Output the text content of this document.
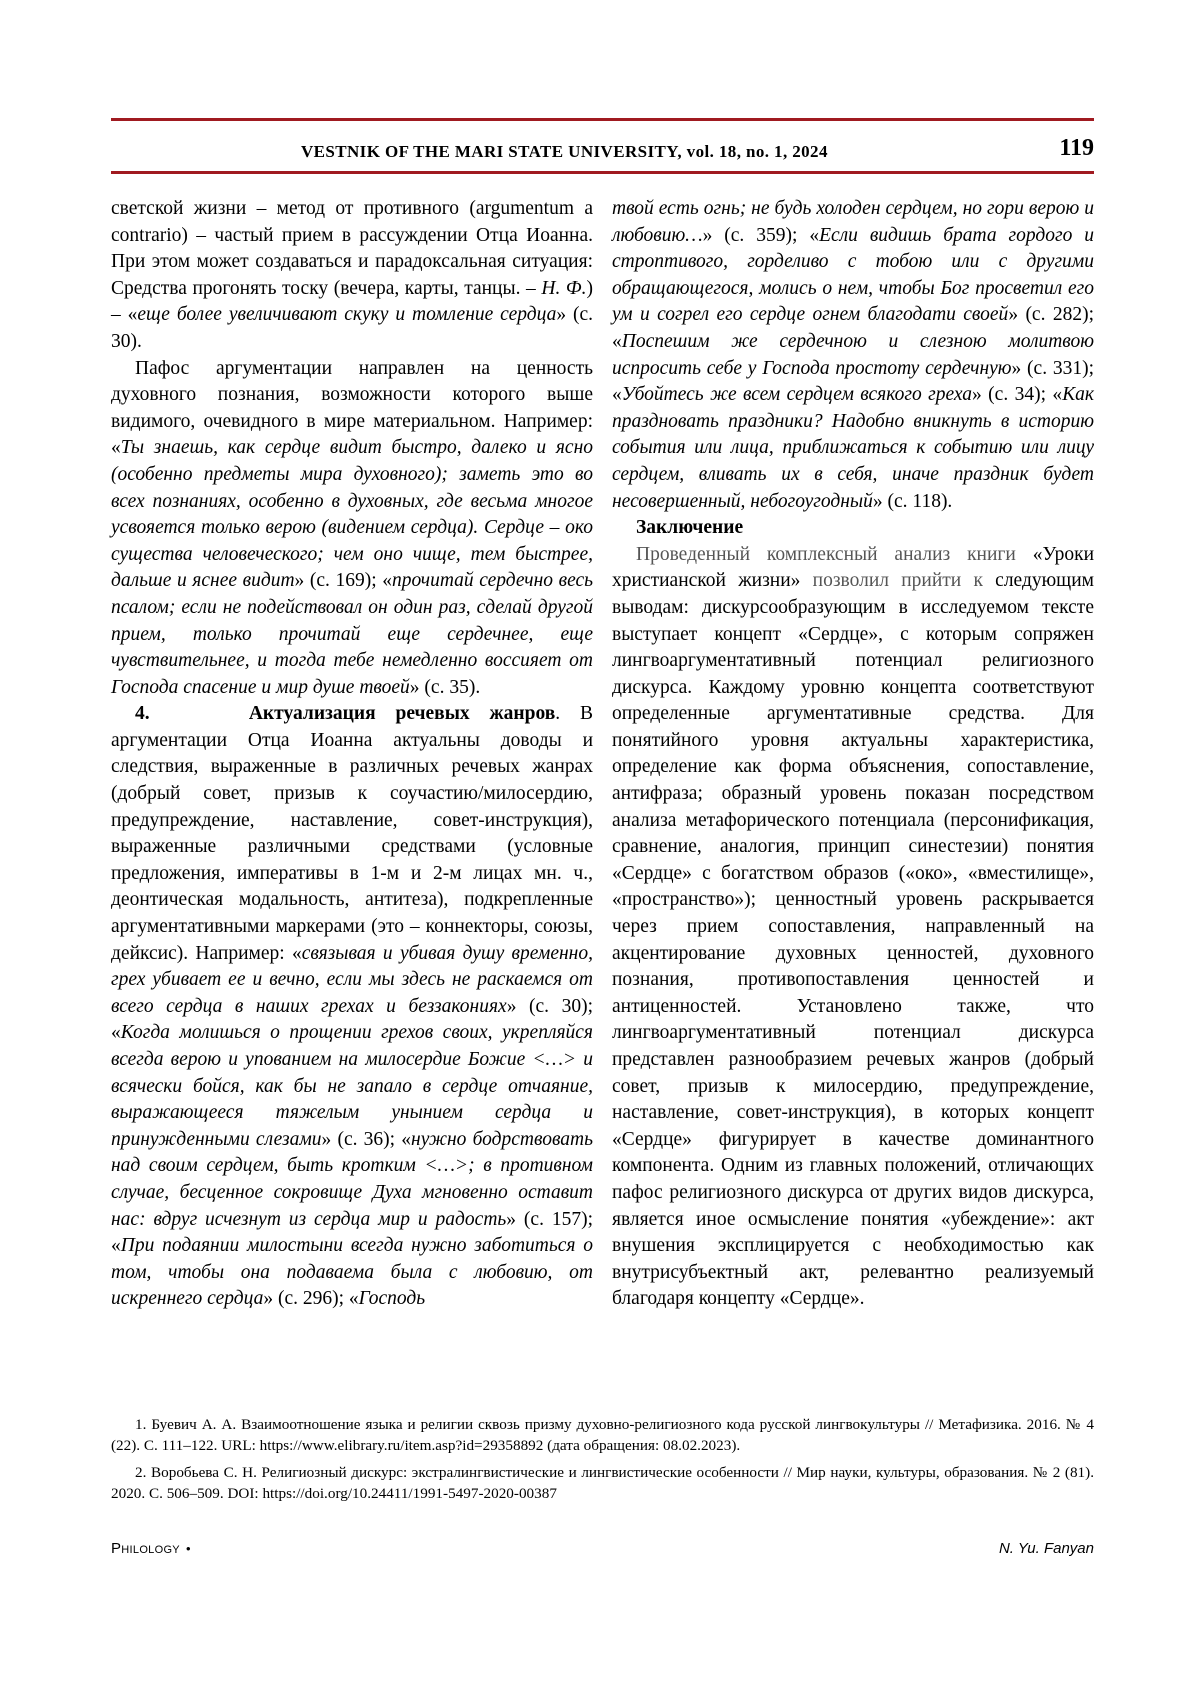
VESTNIK OF THE MARI STATE UNIVERSITY, vol. 18, no. 1, 2024	119

светской жизни – метод от противного (argumentum a contrario) – частый прием в рассуждении Отца Иоанна. При этом может создаваться и парадоксальная ситуация: Средства прогонять тоску (вечера, карты, танцы. – Н. Ф.) – «еще более увеличивают скуку и томление сердца» (с. 30).

Пафос аргументации направлен на ценность духовного познания, возможности которого выше видимого, очевидного в мире материальном. Например: «Ты знаешь, как сердце видит быстро, далеко и ясно (особенно предметы мира духовного); заметь это во всех познаниях, особенно в духовных, где весьма многое усвояется только верою (видением сердца). Сердце – око существа человеческого; чем оно чище, тем быстрее, дальше и яснее видит» (с. 169); «прочитай сердечно весь псалом; если не подействовал он один раз, сделай другой прием, только прочитай еще сердечнее, еще чувствительнее, и тогда тебе немедленно воссияет от Господа спасение и мир душе твоей» (с. 35).

4.	Актуализация речевых жанров. В аргументации Отца Иоанна актуальны доводы и следствия, выраженные в различных речевых жанрах (добрый совет, призыв к соучастию/милосердию, предупреждение, наставление, совет-инструкция), выраженные различными средствами (условные предложения, императивы в 1-м и 2-м лицах мн. ч., деонтическая модальность, антитеза), подкрепленные аргументативными маркерами (это – коннекторы, союзы, дейксис). Например: «связывая и убивая душу временно, грех убивает ее и вечно, если мы здесь не раскаемся от всего сердца в наших грехах и беззакониях» (с. 30); «Когда молишься о прощении грехов своих, укрепляйся всегда верою и упованием на милосердие Божие <…> и всячески бойся, как бы не запало в сердце отчаяние, выражающееся тяжелым унынием сердца и принужденными слезами» (с. 36); «нужно бодрствовать над своим сердцем, быть кротким <…>; в противном случае, бесценное сокровище Духа мгновенно оставит нас: вдруг исчезнут из сердца мир и радость» (с. 157); «При подаянии милостыни всегда нужно заботиться о том, чтобы она подаваема была с любовию, от искреннего сердца» (с. 296); «Господь

твой есть огнь; не будь холоден сердцем, но гори верою и любовию…» (с. 359); «Если видишь брата гордого и строптивого, горделиво с тобою или с другими обращающегося, молись о нем, чтобы Бог просветил его ум и согрел его сердце огнем благодати своей» (с. 282); «Поспешим же сердечною и слезною молитвою испросить себе у Господа простоту сердечную» (с. 331); «Убойтесь же всем сердцем всякого греха» (с. 34); «Как праздновать праздники? Надобно вникнуть в историю события или лица, приближаться к событию или лицу сердцем, вливать их в себя, иначе праздник будет несовершенный, небогоугодный» (с. 118).

Заключение

Проведенный комплексный анализ книги «Уроки христианской жизни» позволил прийти к следующим выводам: дискурсообразующим в исследуемом тексте выступает концепт «Сердце», с которым сопряжен лингвоаргументативный потенциал религиозного дискурса. Каждому уровню концепта соответствуют определенные аргументативные средства. Для понятийного уровня актуальны характеристика, определение как форма объяснения, сопоставление, антифраза; образный уровень показан посредством анализа метафорического потенциала (персонификация, сравнение, аналогия, принцип синестезии) понятия «Сердце» с богатством образов («око», «вместилище», «пространство»); ценностный уровень раскрывается через прием сопоставления, направленный на акцентирование духовных ценностей, духовного познания, противопоставления ценностей и антиценностей. Установлено также, что лингвоаргументативный потенциал дискурса представлен разнообразием речевых жанров (добрый совет, призыв к милосердию, предупреждение, наставление, совет-инструкция), в которых концепт «Сердце» фигурирует в качестве доминантного компонента. Одним из главных положений, отличающих пафос религиозного дискурса от других видов дискурса, является иное осмысление понятия «убеждение»: акт внушения эксплицируется с необходимостью как внутрисубъектный акт, релевантно реализуемый благодаря концепту «Сердце».

1. Буевич А. А. Взаимоотношение языка и религии сквозь призму духовно-религиозного кода русской лингвокультуры // Метафизика. 2016. № 4 (22). С. 111–122. URL: https://www.elibrary.ru/item.asp?id=29358892 (дата обращения: 08.02.2023).

2. Воробьева С. Н. Религиозный дискурс: экстралингвистические и лингвистические особенности // Мир науки, культуры, образования. № 2 (81). 2020. С. 506–509. DOI: https://doi.org/10.24411/1991-5497-2020-00387

Philology •	N. Yu. Fanyan
